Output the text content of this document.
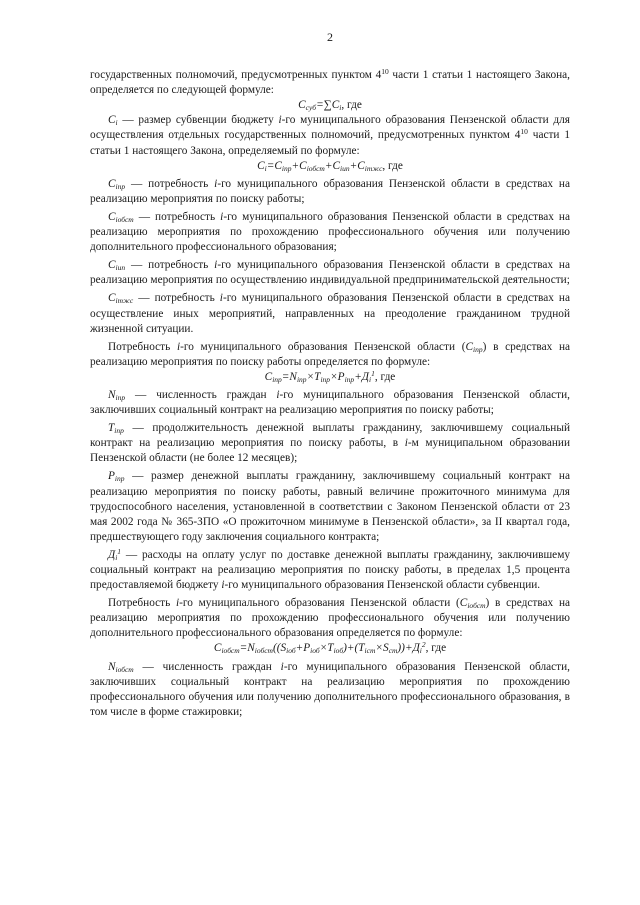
2

государственных полномочий, предусмотренных пунктом $4^{10}$ части 1 статьи 1 настоящего Закона, определяется по следующей формуле:

$C_{суб}=\sum C_i$, где

$C_i$ — размер субвенции бюджету i-го муниципального образования Пензенской области для осуществления отдельных государственных полномочий, предусмотренных пунктом $4^{10}$ части 1 статьи 1 настоящего Закона, определяемый по формуле:

$C_i=C_{iпр}+C_{iобст}+C_{iип}+C_{iтжс}$, где

$C_{iпр}$ — потребность i-го муниципального образования Пензенской области в средствах на реализацию мероприятия по поиску работы;

$C_{iобст}$ — потребность i-го муниципального образования Пензенской области в средствах на реализацию мероприятия по прохождению профессионального обучения или получению дополнительного профессионального образования;

$C_{iип}$ — потребность i-го муниципального образования Пензенской области в средствах на реализацию мероприятия по осуществлению индивидуальной предпринимательской деятельности;

$C_{iтжс}$ — потребность i-го муниципального образования Пензенской области в средствах на осуществление иных мероприятий, направленных на преодоление гражданином трудной жизненной ситуации.

Потребность i-го муниципального образования Пензенской области $(C_{iпр})$ в средствах на реализацию мероприятия по поиску работы определяется по формуле:

$C_{iпр}=N_{iпр}\times T_{iпр}\times P_{iпр}+Д_i^1$, где

$N_{iпр}$ — численность граждан i-го муниципального образования Пензенской области, заключивших социальный контракт на реализацию мероприятия по поиску работы;

$T_{iпр}$ — продолжительность денежной выплаты гражданину, заключившему социальный контракт на реализацию мероприятия по поиску работы, в i-м муниципальном образовании Пензенской области (не более 12 месяцев);

$P_{iпр}$ — размер денежной выплаты гражданину, заключившему социальный контракт на реализацию мероприятия по поиску работы, равный величине прожиточного минимума для трудоспособного населения, установленной в соответствии с Законом Пензенской области от 23 мая 2002 года № 365-ЗПО «О прожиточном минимуме в Пензенской области», за II квартал года, предшествующего году заключения социального контракта;

$Д_i^1$ — расходы на оплату услуг по доставке денежной выплаты гражданину, заключившему социальный контракт на реализацию мероприятия по поиску работы, в пределах 1,5 процента предоставляемой бюджету i-го муниципального образования Пензенской области субвенции.

Потребность i-го муниципального образования Пензенской области $(C_{iобст})$ в средствах на реализацию мероприятия по прохождению профессионального обучения или получению дополнительного профессионального образования определяется по формуле:

$C_{iобст}=N_{iобст}((S_{iоб}+P_{iоб}\times T_{iоб})+(T_{iст}\times S_{ст}))+Д_i^2$, где

$N_{iобст}$ — численность граждан i-го муниципального образования Пензенской области, заключивших социальный контракт на реализацию мероприятия по прохождению профессионального обучения или получению дополнительного профессионального образования, в том числе в форме стажировки;
